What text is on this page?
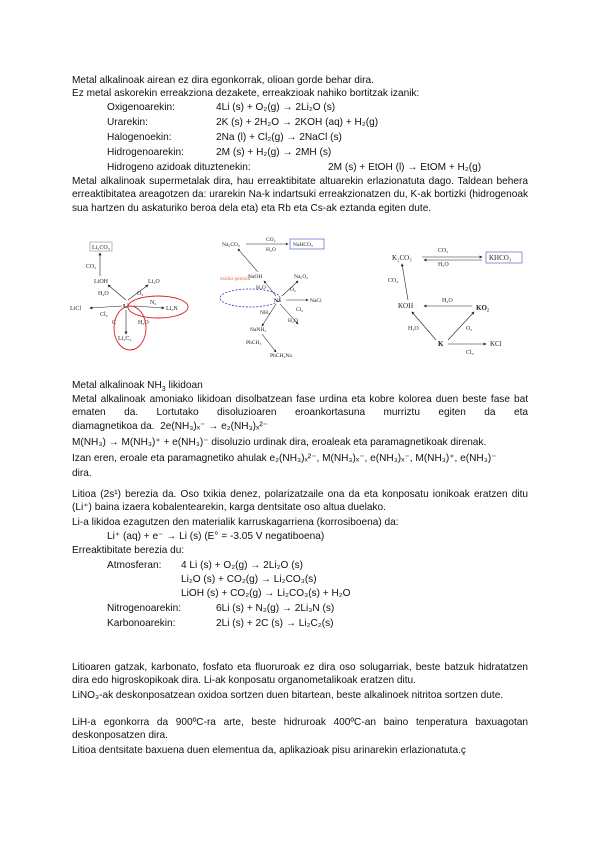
Metal alkalinoak airean ez dira egonkorrak, olioan gorde behar dira.
Ez metal askorekin erreakziona dezakete, erreakzioak nahiko bortitzak izanik:
Oxigenoarekin:	4Li (s) + O₂(g) → 2Li₂O (s)
Urarekin:	2K (s) + 2H₂O → 2KOH (aq) + H₂(g)
Halogenoekin:	2Na (l) + Cl₂(g) → 2NaCl (s)
Hidrogenoarekin:	2M (s) + H₂(g) → 2MH (s)
Hidrogeno azidoak dituztenekin:	2M (s) + EtOH (l) → EtOM + H₂(g)
Metal alkalinoak supermetalak dira, hau erreaktibitate altuarekin erlazionatuta dago. Taldean behera erreaktibitatea areagotzen da: urarekin Na-k indartsuki erreakzionatzen du, K-ak bortizki (hidrogenoak sua hartzen du askaturiko beroa dela eta) eta Rb eta Cs-ak eztanda egiten dute.
Li₂CO₃
CO₂
LiOH	Li₂O
H₂O	O₂
Li
LiCl
Cl₂
N₂
Li₃N
C	H₂O
Li₂C₂
Na₂CO₃
CO₂
H₂O
NaHCO₃
NaOH
H₂O
Na₂O₂
O₂
Na	NaCl
Cl₂
NH₃
NaNH₂
H₂O
PhCH₃
PhCH₂Na
oxidoz peroxid
K₂CO₃
CO₂
H₂O
KHCO₃
CO₂
KOH
H₂O
KO₂
H₂O	O₂
K
Cl₂
KCl
Metal alkalinoak $NH_3$ likidoan
Metal alkalinoak amoniako likidoan disolbatzean fase urdina eta kobre kolorea duen beste fase bat ematen da. Lortutako disoluzioaren eroankortasuna murriztu egiten da eta
diamagnetikoa da. 2e(NH₃)ₓ⁻ → e₂(NH₃)ₓ²⁻
M(NH₃) → M(NH₃)⁺ + e(NH₃)⁻ disoluzio urdinak dira, eroaleak eta paramagnetikoak direnak.
Izan eren, eroale eta paramagnetiko ahulak e₂(NH₃)ₓ²⁻, M(NH₃)ₓ⁻, e(NH₃)ₓ⁻, M(NH₃)⁺, e(NH₃)⁻
dira.
Litioa (2s¹) berezia da. Oso txikia denez, polarizatzaile ona da eta konposatu ionikoak eratzen ditu (Li⁺) baina izaera kobalentearekin, karga dentsitate oso altua duelako.
Li-a likidoa ezagutzen den materialik karruskagarriena (korrosiboena) da:
Li⁺ (aq) + e⁻ → Li (s) (E° = -3.05 V negatiboena)
Erreaktibitate berezia du:
Atmosferan: 4 Li (s) + O₂(g) → 2Li₂O (s)
Li₂O (s) + CO₂(g) → Li₂CO₃(s)
LiOH (s) + CO₂(g) → Li₂CO₃(s) + H₂O
Nitrogenoarekin:	6Li (s) + N₂(g) → 2Li₃N (s)
Karbonoarekin:	2Li (s) + 2C (s) → Li₂C₂(s)
Litioaren gatzak, karbonato, fosfato eta fluoruroak ez dira oso solugarriak, beste batzuk hidratatzen dira edo higroskopikoak dira. Li-ak konposatu organometalikoak eratzen ditu.
LiNO₃-ak deskonposatzean oxidoa sortzen duen bitartean, beste alkalinoek nitritoa sortzen dute.
LiH-a egonkorra da 900ºC-ra arte, beste hidruroak 400ºC-an baino tenperatura baxuagotan deskonposatzen dira.
Litioa dentsitate baxuena duen elementua da, aplikazioak pisu arinarekin erlazionatuta.ç
